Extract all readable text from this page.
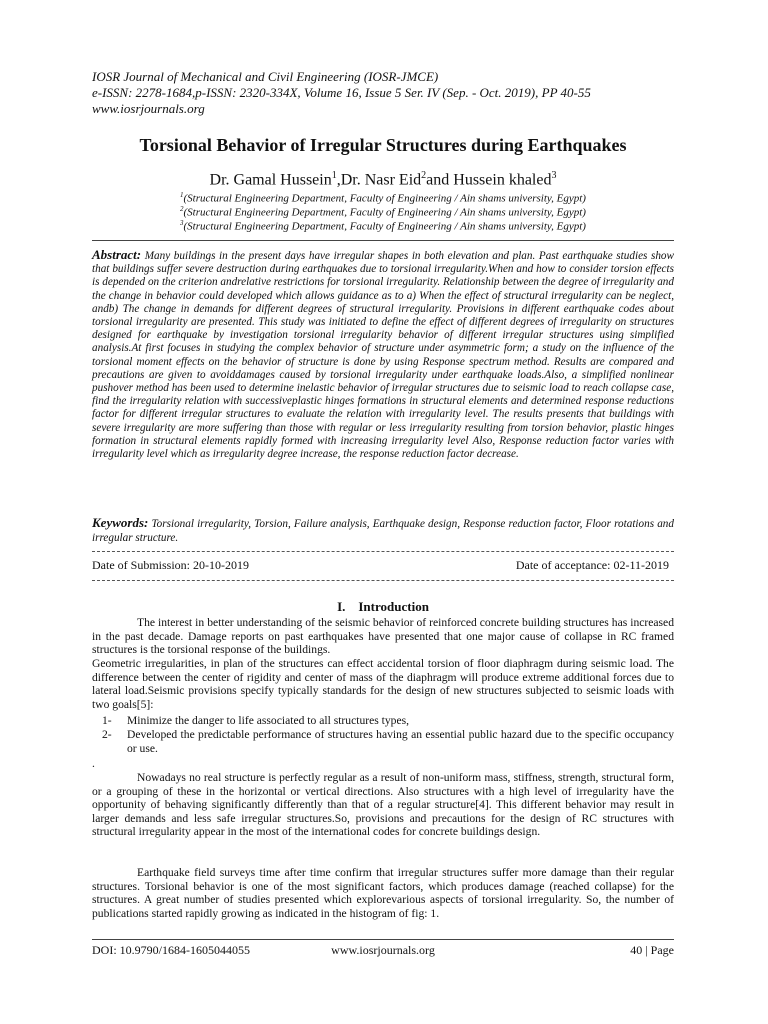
IOSR Journal of Mechanical and Civil Engineering (IOSR-JMCE)
e-ISSN: 2278-1684,p-ISSN: 2320-334X, Volume 16, Issue 5 Ser. IV (Sep. - Oct. 2019), PP 40-55
www.iosrjournals.org
Torsional Behavior of Irregular Structures during Earthquakes
Dr. Gamal Hussein$^1$,Dr. Nasr Eid$^2$and Hussein khaled$^3$
$^1$(Structural Engineering Department, Faculty of Engineering / Ain shams university, Egypt)
$^2$(Structural Engineering Department, Faculty of Engineering / Ain shams university, Egypt)
$^3$(Structural Engineering Department, Faculty of Engineering / Ain shams university, Egypt)
Abstract: Many buildings in the present days have irregular shapes in both elevation and plan. Past earthquake studies show that buildings suffer severe destruction during earthquakes due to torsional irregularity.When and how to consider torsion effects is depended on the criterion andrelative restrictions for torsional irregularity. Relationship between the degree of irregularity and the change in behavior could developed which allows guidance as to a) When the effect of structural irregularity can be neglect, andb) The change in demands for different degrees of structural irregularity. Provisions in different earthquake codes about torsional irregularity are presented. This study was initiated to define the effect of different degrees of irregularity on structures designed for earthquake by investigation torsional irregularity behavior of different irregular structures using simplified analysis.At first focuses in studying the complex behavior of structure under asymmetric form; a study on the influence of the torsional moment effects on the behavior of structure is done by using Response spectrum method. Results are compared and precautions are given to avoiddamages caused by torsional irregularity under earthquake loads.Also, a simplified nonlinear pushover method has been used to determine inelastic behavior of irregular structures due to seismic load to reach collapse case, find the irregularity relation with successiveplastic hinges formations in structural elements and determined response reductions factor for different irregular structures to evaluate the relation with irregularity level. The results presents that buildings with severe irregularity are more suffering than those with regular or less irregularity resulting from torsion behavior, plastic hinges formation in structural elements rapidly formed with increasing irregularity level Also, Response reduction factor varies with irregularity level which as irregularity degree increase, the response reduction factor decrease.
Keywords: Torsional irregularity, Torsion, Failure analysis, Earthquake design, Response reduction factor, Floor rotations and irregular structure.
Date of Submission: 20-10-2019	Date of acceptance: 02-11-2019
I.    Introduction
The interest in better understanding of the seismic behavior of reinforced concrete building structures has increased in the past decade. Damage reports on past earthquakes have presented that one major cause of collapse in RC framed structures is the torsional response of the buildings.
Geometric irregularities, in plan of the structures can effect accidental torsion of floor diaphragm during seismic load. The difference between the center of rigidity and center of mass of the diaphragm will produce extreme additional forces due to lateral load.Seismic provisions specify typically standards for the design of new structures subjected to seismic loads with two goals[5]:
1- Minimize the danger to life associated to all structures types,
2- Developed the predictable performance of structures having an essential public hazard due to the specific occupancy or use.
.
Nowadays no real structure is perfectly regular as a result of non-uniform mass, stiffness, strength, structural form, or a grouping of these in the horizontal or vertical directions. Also structures with a high level of irregularity have the opportunity of behaving significantly differently than that of a regular structure[4]. This different behavior may result in larger demands and less safe irregular structures.So, provisions and precautions for the design of RC structures with structural irregularity appear in the most of the international codes for concrete buildings design.
Earthquake field surveys time after time confirm that irregular structures suffer more damage than their regular structures. Torsional behavior is one of the most significant factors, which produces damage (reached collapse) for the structures. A great number of studies presented which explorevarious aspects of torsional irregularity. So, the number of publications started rapidly growing as indicated in the histogram of fig: 1.
DOI: 10.9790/1684-1605044055	www.iosrjournals.org	40 | Page
